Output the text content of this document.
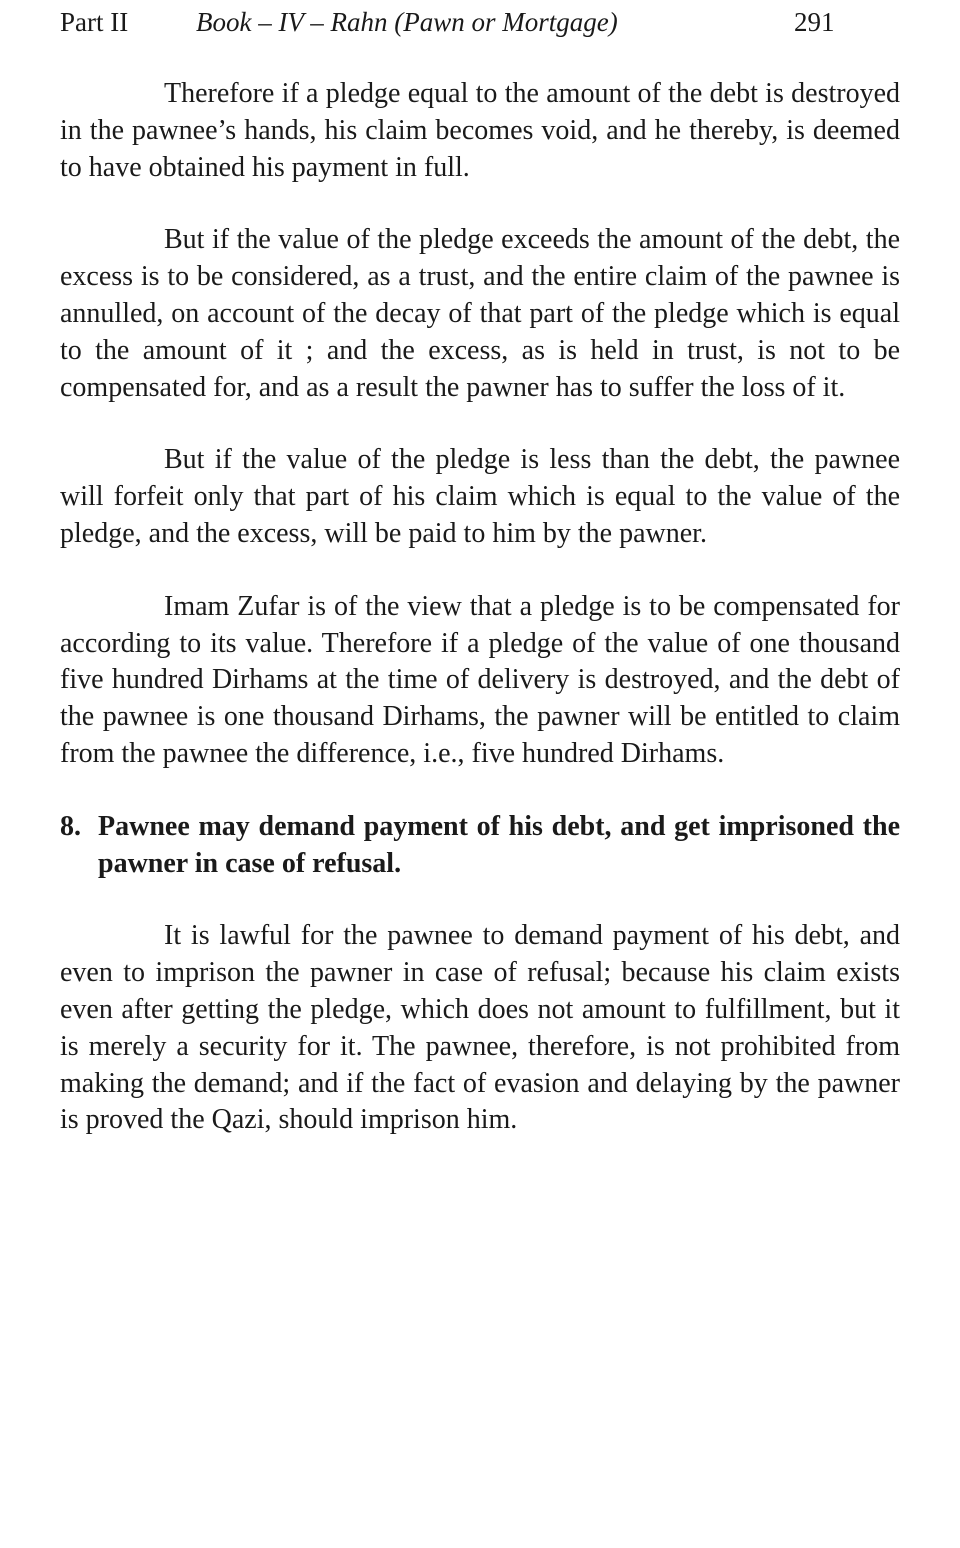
Part II	Book – IV – Rahn (Pawn or Mortgage)	291

Therefore if a pledge equal to the amount of the debt is destroyed in the pawnee’s hands, his claim becomes void, and he thereby, is deemed to have obtained his payment in full.

But if the value of the pledge exceeds the amount of the debt, the excess is to be considered, as a trust, and the entire claim of the pawnee is annulled, on account of the decay of that part of the pledge which is equal to the amount of it ; and the excess, as is held in trust, is not to be compensated for, and as a result the pawner has to suffer the loss of it.

But if the value of the pledge is less than the debt, the pawnee will forfeit only that part of his claim which is equal to the value of the pledge, and the excess, will be paid to him by the pawner.

Imam Zufar is of the view that a pledge is to be compensated for according to its value. Therefore if a pledge of the value of one thousand five hundred Dirhams at the time of delivery is destroyed, and the debt of the pawnee is one thousand Dirhams, the pawner will be entitled to claim from the pawnee the difference, i.e., five hundred Dirhams.

8. Pawnee may demand payment of his debt, and get imprisoned the pawner in case of refusal.

It is lawful for the pawnee to demand payment of his debt, and even to imprison the pawner in case of refusal; because his claim exists even after getting the pledge, which does not amount to fulfillment, but it is merely a security for it. The pawnee, therefore, is not prohibited from making the demand; and if the fact of evasion and delaying by the pawner is proved the Qazi, should imprison him.
